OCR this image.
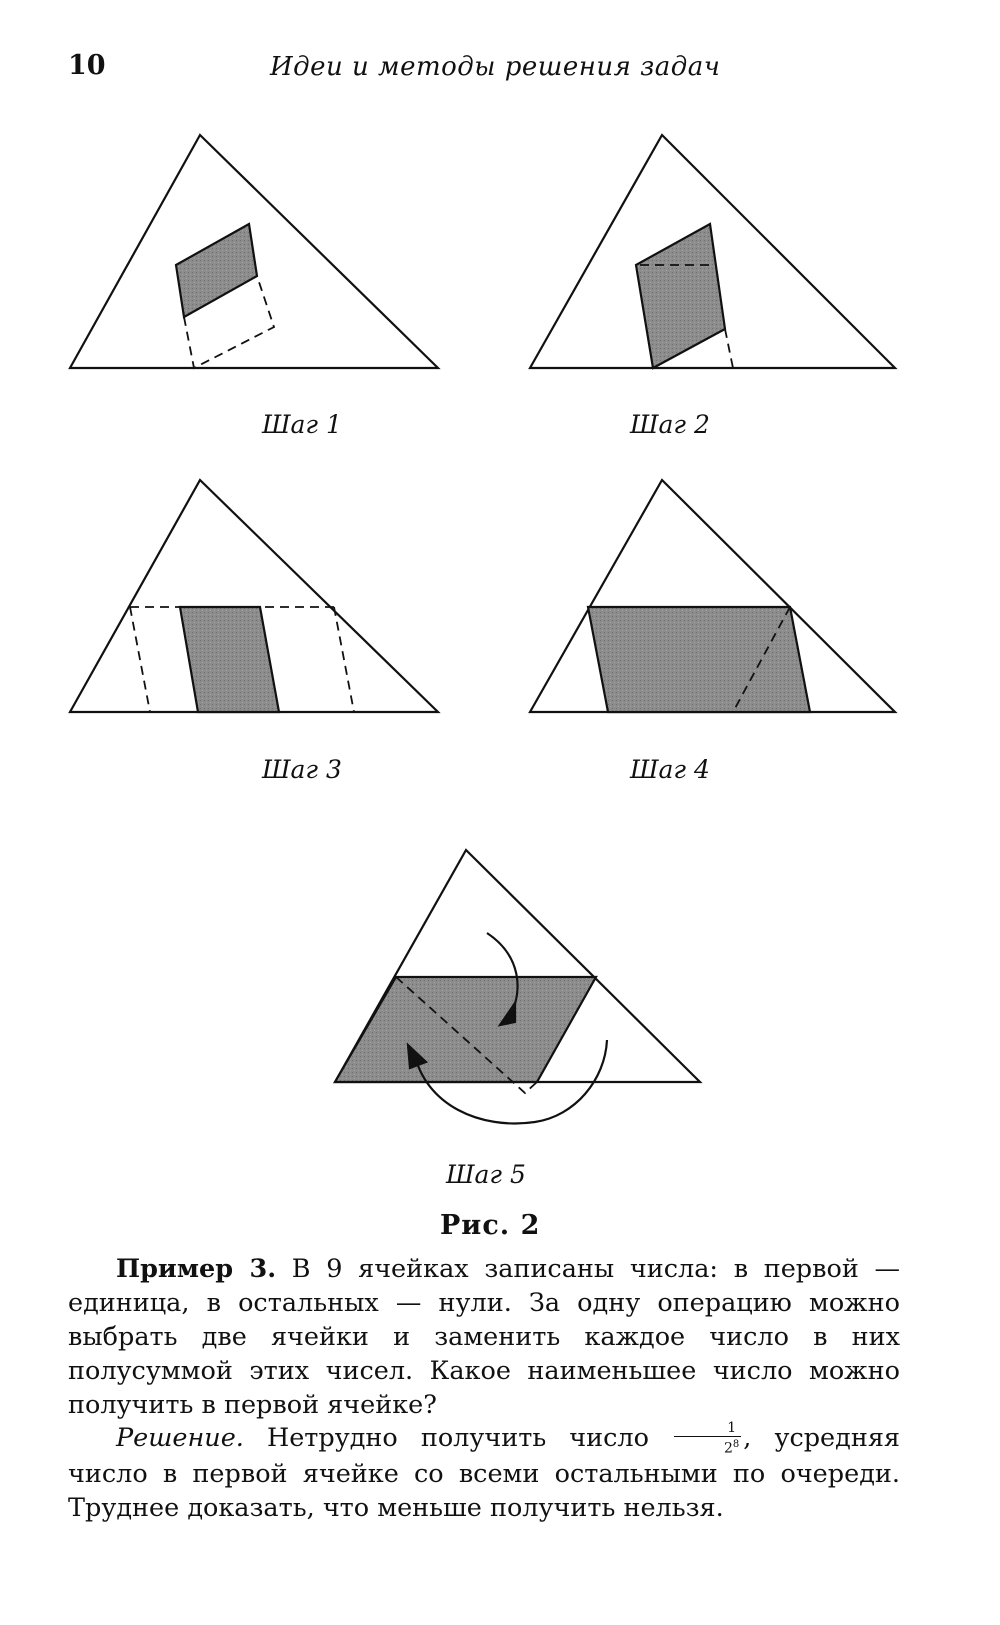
10	Идеи и методы решения задач
Шаг 1	Шаг 2
Шаг 3	Шаг 4
Шаг 5
Рис. 2
Пример 3. В 9 ячейках записаны числа: в первой — единица, в остальных — нули. За одну операцию можно выбрать две ячейки и заменить каждое число в них полусуммой этих чисел. Какое наименьшее число можно получить в первой ячейке?
Решение. Нетрудно получить число $\frac{1}{2^8}$ , усредняя число в первой ячейке со всеми остальными по очереди. Труднее доказать, что меньше получить нельзя.
